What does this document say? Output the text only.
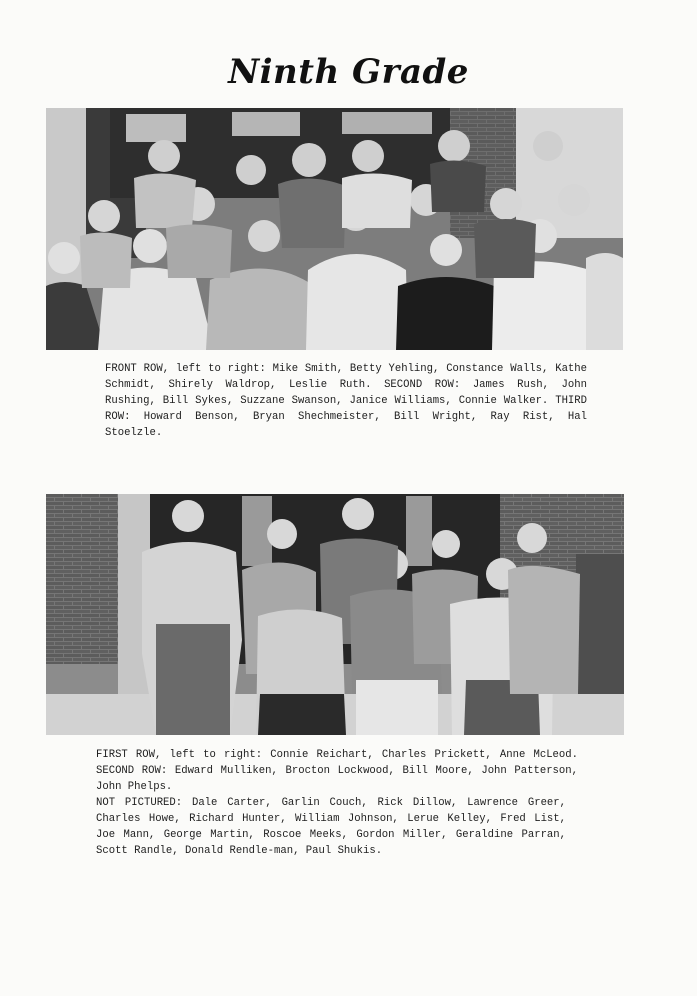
Ninth Grade

FRONT ROW, left to right: Mike Smith, Betty Yehling, Constance Walls, Kathe Schmidt, Shirely Waldrop, Leslie Ruth. SECOND ROW: James Rush, John Rushing, Bill Sykes, Suzzane Swanson, Janice Williams, Connie Walker. THIRD ROW: Howard Benson, Bryan Shechmeister, Bill Wright, Ray Rist, Hal Stoelzle.

FIRST ROW, left to right: Connie Reichart, Charles Prickett, Anne McLeod. SECOND ROW: Edward Mulliken, Brocton Lockwood, Bill Moore, John Patterson, John Phelps.

NOT PICTURED: Dale Carter, Garlin Couch, Rick Dillow, Lawrence Greer, Charles Howe, Richard Hunter, William Johnson, Lerue Kelley, Fred List, Joe Mann, George Martin, Roscoe Meeks, Gordon Miller, Geraldine Parran, Scott Randle, Donald Rendle-man, Paul Shukis.
